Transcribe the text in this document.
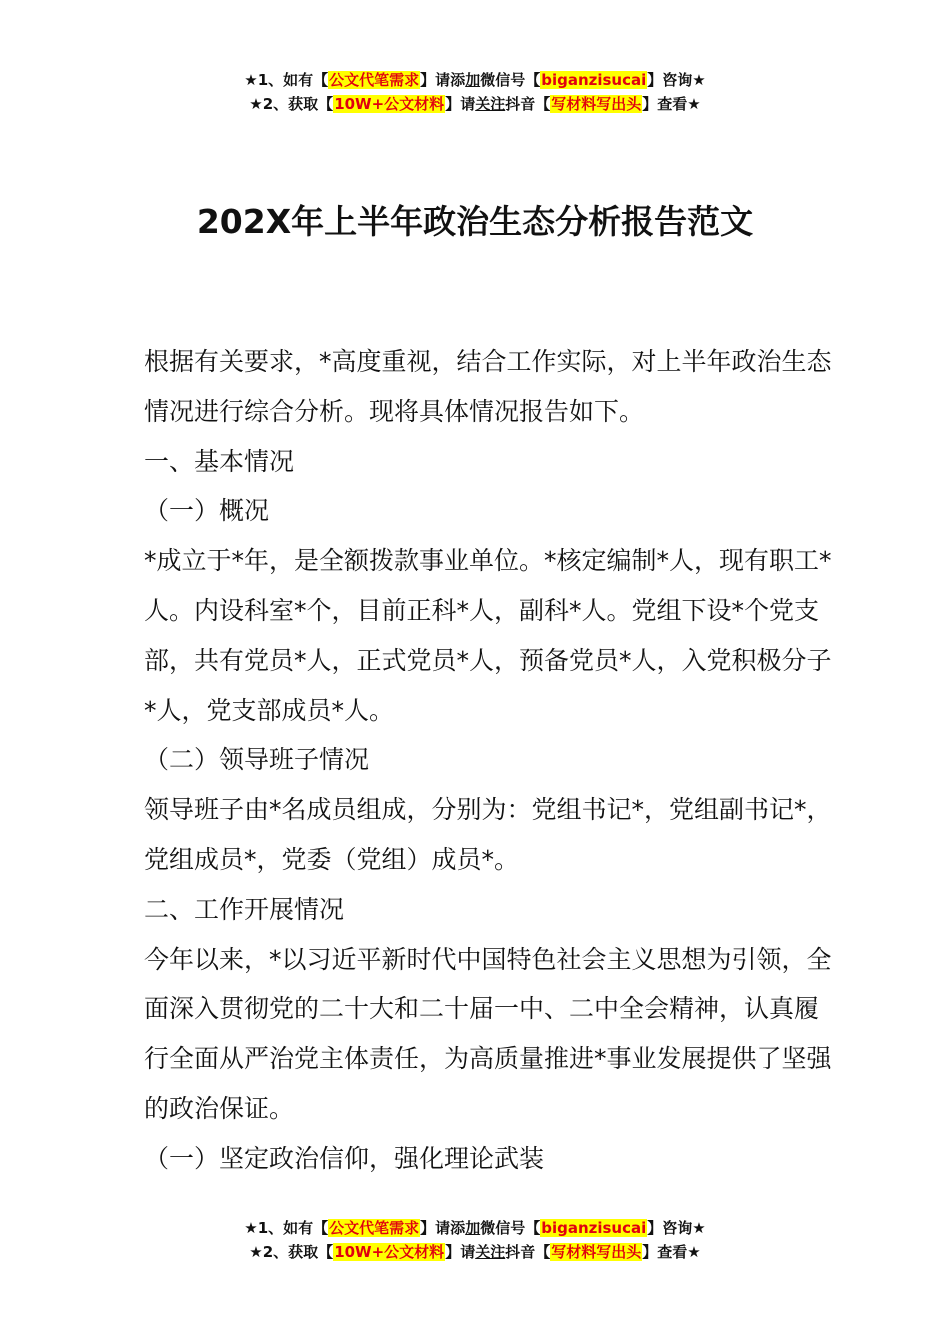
★1、如有【公文代笔需求】请添加微信号【biganzisucai】咨询★
★2、获取【10W+公文材料】请关注抖音【写材料写出头】查看★
202X年上半年政治生态分析报告范文

根据有关要求，*高度重视，结合工作实际，对上半年政治生态情况进行综合分析。现将具体情况报告如下。

一、基本情况

（一）概况

*成立于*年，是全额拨款事业单位。*核定编制*人，现有职工*人。内设科室*个，目前正科*人，副科*人。党组下设*个党支部，共有党员*人，正式党员*人，预备党员*人，入党积极分子*人，党支部成员*人。

（二）领导班子情况

领导班子由*名成员组成，分别为：党组书记*，党组副书记*，党组成员*，党委（党组）成员*。

二、工作开展情况

今年以来，*以习近平新时代中国特色社会主义思想为引领，全面深入贯彻党的二十大和二十届一中、二中全会精神，认真履行全面从严治党主体责任，为高质量推进*事业发展提供了坚强的政治保证。

（一）坚定政治信仰，强化理论武装

★1、如有【公文代笔需求】请添加微信号【biganzisucai】咨询★
★2、获取【10W+公文材料】请关注抖音【写材料写出头】查看★
